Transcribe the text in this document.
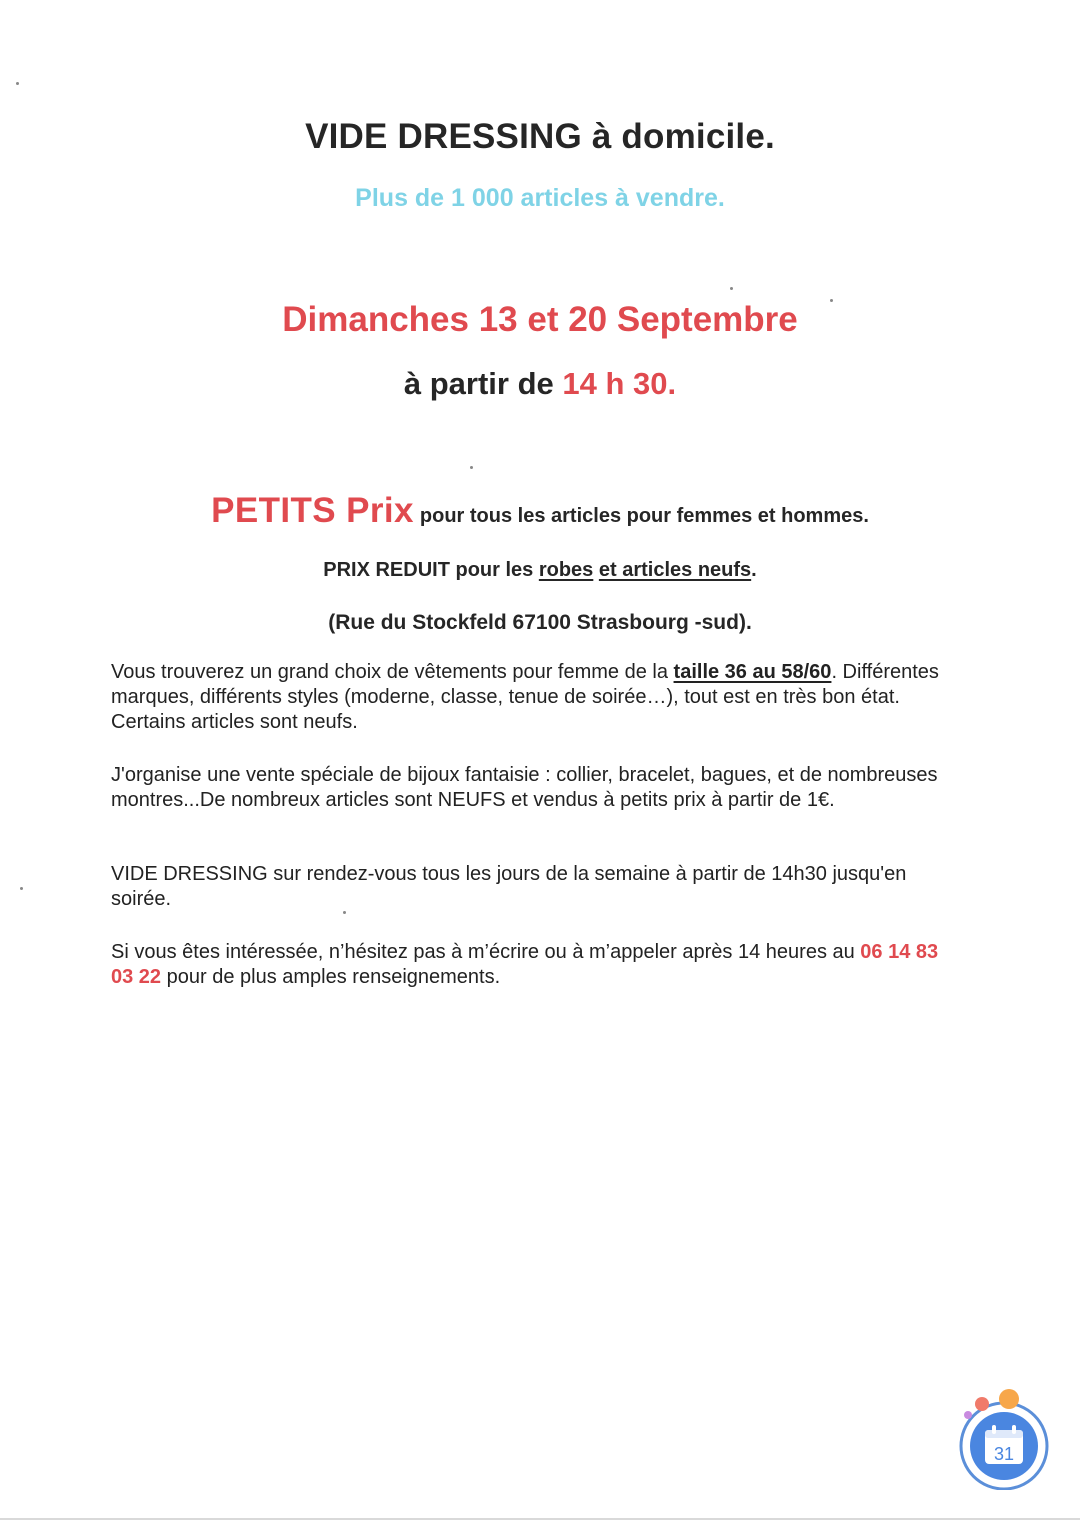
VIDE DRESSING à domicile.
Plus de 1 000 articles à vendre.
Dimanches 13 et 20 Septembre
à partir de 14 h 30.
PETITS Prix pour tous les articles pour femmes et hommes.
PRIX REDUIT pour les robes et articles neufs.
(Rue du Stockfeld 67100 Strasbourg -sud).
Vous trouverez un grand choix de vêtements pour femme de la taille 36 au 58/60. Différentes marques, différents styles (moderne, classe, tenue de soirée…), tout est en très bon état. Certains articles sont neufs.
J'organise une vente spéciale de bijoux fantaisie : collier, bracelet, bagues, et de nombreuses montres...De nombreux articles sont NEUFS et vendus à petits prix à partir de 1€.
VIDE DRESSING sur rendez-vous tous les jours de la semaine à partir de 14h30 jusqu'en soirée.
Si vous êtes intéressée, n’hésitez pas à m’écrire ou à m’appeler après 14 heures au 06 14 83 03 22 pour de plus amples renseignements.
31
